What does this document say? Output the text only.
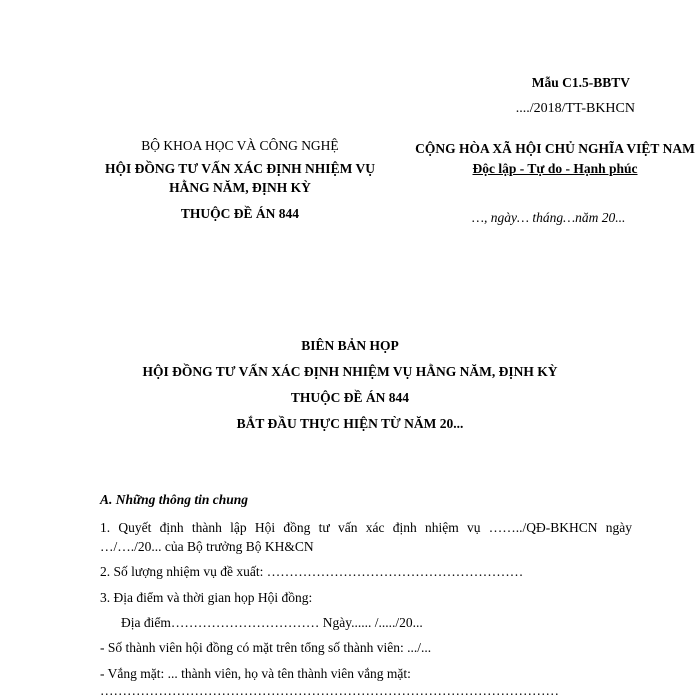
Mẫu C1.5-BBTV
..../2018/TT-BKHCN
BỘ KHOA HỌC VÀ CÔNG NGHỆ
HỘI ĐỒNG TƯ VẤN XÁC ĐỊNH NHIỆM VỤ
HẰNG NĂM, ĐỊNH KỲ
THUỘC ĐỀ ÁN 844
CỘNG HÒA XÃ HỘI CHỦ NGHĨA VIỆT NAM
Độc lập - Tự do - Hạnh phúc
…, ngày… tháng…năm 20...
BIÊN BẢN HỌP
HỘI ĐỒNG TƯ VẤN XÁC ĐỊNH NHIỆM VỤ HẰNG NĂM, ĐỊNH KỲ
THUỘC ĐỀ ÁN 844
BẮT ĐẦU THỰC HIỆN TỪ NĂM 20...
A. Những thông tin chung
1. Quyết định thành lập Hội đồng tư vấn xác định nhiệm vụ ……../QĐ-BKHCN ngày
…/…./20... của Bộ trưởng Bộ KH&CN
2. Số lượng nhiệm vụ đề xuất: …………………………………………………
3. Địa điểm và thời gian họp Hội đồng:
Địa điểm…………………………… Ngày...... /...../20...
- Số thành viên hội đồng có mặt trên tổng số thành viên: .../...
- Vắng mặt: ... thành viên, họ và tên thành viên vắng mặt:
…………………………………………………………………………………………
